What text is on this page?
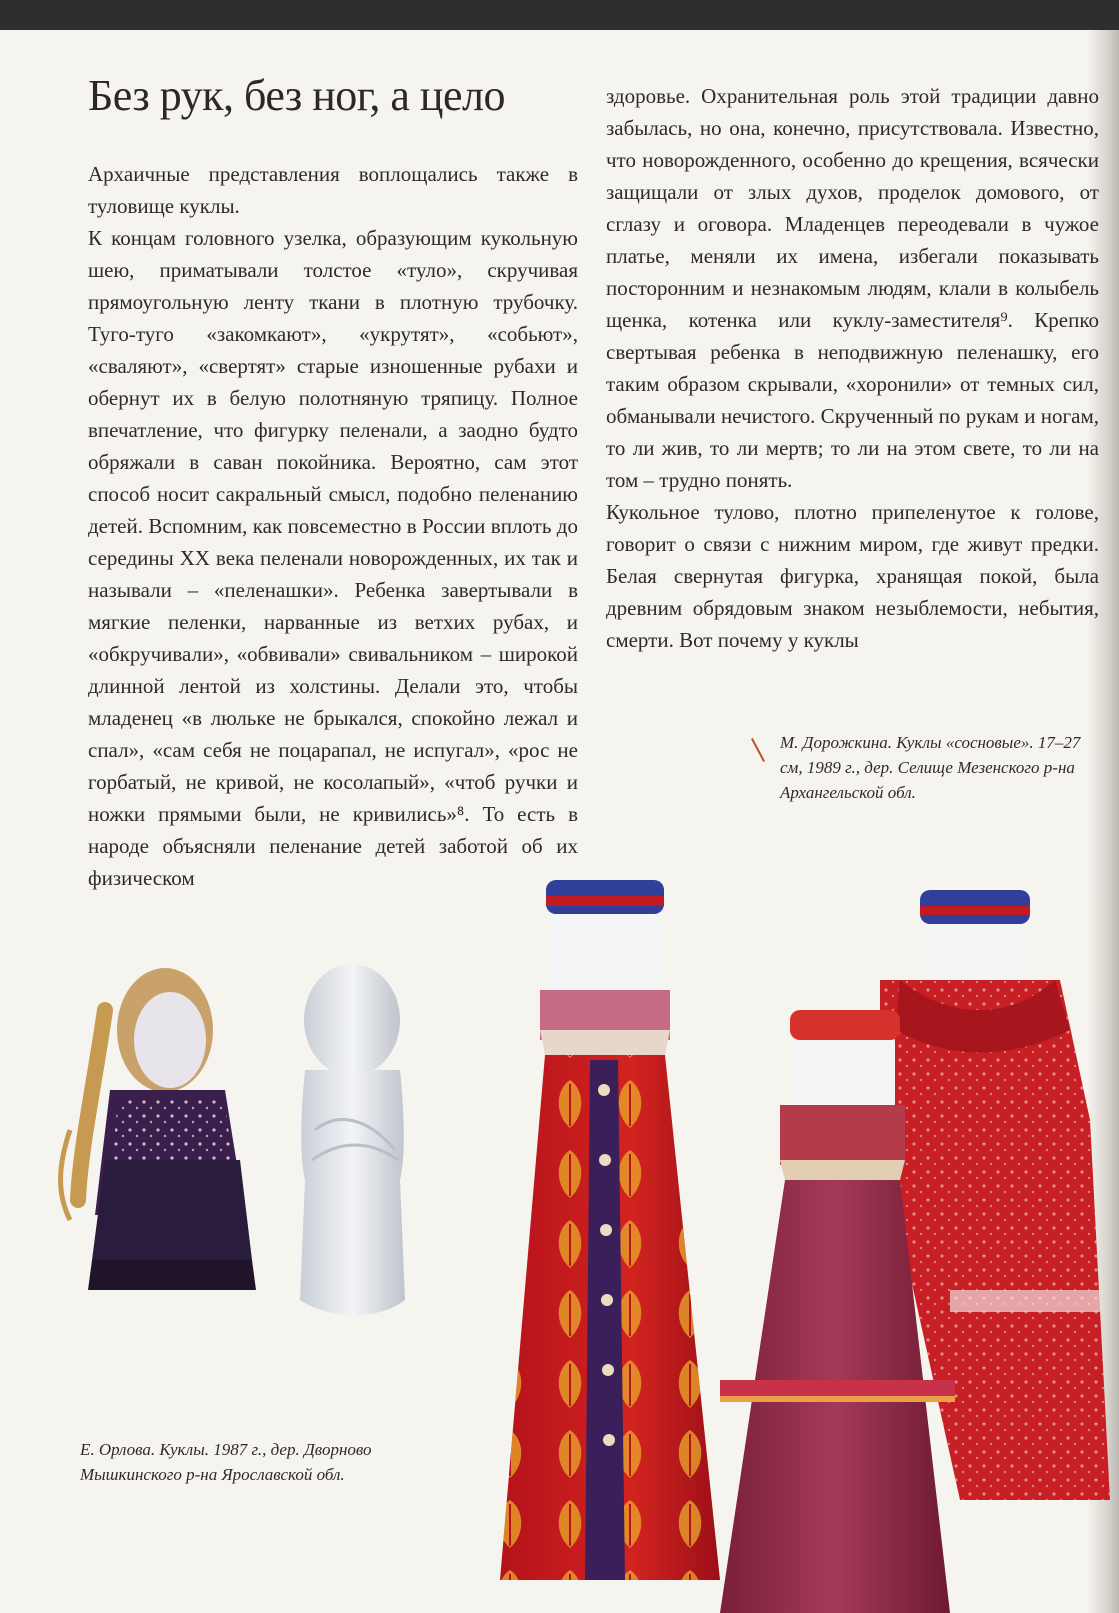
Без рук, без ног, а цело

Архаичные представления воплощались также в туловище куклы.

К концам головного узелка, образующим кукольную шею, приматывали толстое «тулo», скручивая прямоугольную ленту ткани в плотную трубочку. Туго-туго «закомкают», «укрутят», «собьют», «сваляют», «свертят» старые изношенные рубахи и обернут их в белую полотняную тряпицу. Полное впечатление, что фигурку пеленали, а заодно будто обряжали в саван покойника. Вероятно, сам этот способ носит сакральный смысл, подобно пеленанию детей. Вспомним, как повсеместно в России вплоть до середины XX века пеленали новорожденных, их так и называли – «пеленашки». Ребенка завертывали в мягкие пеленки, нарванные из ветхих рубах, и «обкручивали», «обвивали» свивальником – широкой длинной лентой из холстины. Делали это, чтобы младенец «в люльке не брыкался, спокойно лежал и спал», «сам себя не поцарапал, не испугал», «рос не горбатый, не кривой, не косолапый», «чтоб ручки и ножки прямыми были, не кривились»⁸. То есть в народе объясняли пеленание детей заботой об их физическом

здоровье. Охранительная роль этой традиции давно забылась, но она, конечно, присутствовала. Известно, что новорожденного, особенно до крещения, всячески защищали от злых духов, проделок домового, от сглазу и оговора. Младенцев переодевали в чужое платье, меняли их имена, избегали показывать посторонним и незнакомым людям, клали в колыбель щенка, котенка или куклу-заместителя⁹. Крепко свертывая ребенка в неподвижную пеленашку, его таким образом скрывали, «хоронили» от темных сил, обманывали нечистого. Скрученный по рукам и ногам, то ли жив, то ли мертв; то ли на этом свете, то ли на том – трудно понять.

Кукольное тулово, плотно припеленутое к голове, говорит о связи с нижним миром, где живут предки. Белая свернутая фигурка, хранящая покой, была древним обрядовым знаком незыблемости, небытия, смерти. Вот почему у куклы

М. Дорожкина. Куклы «сосновые». 17–27 см, 1989 г., дер. Селище Мезенского р-на Архангельской обл.
Е. Орлова. Куклы. 1987 г., дер. Дворново Мышкинского р-на Ярославской обл.
